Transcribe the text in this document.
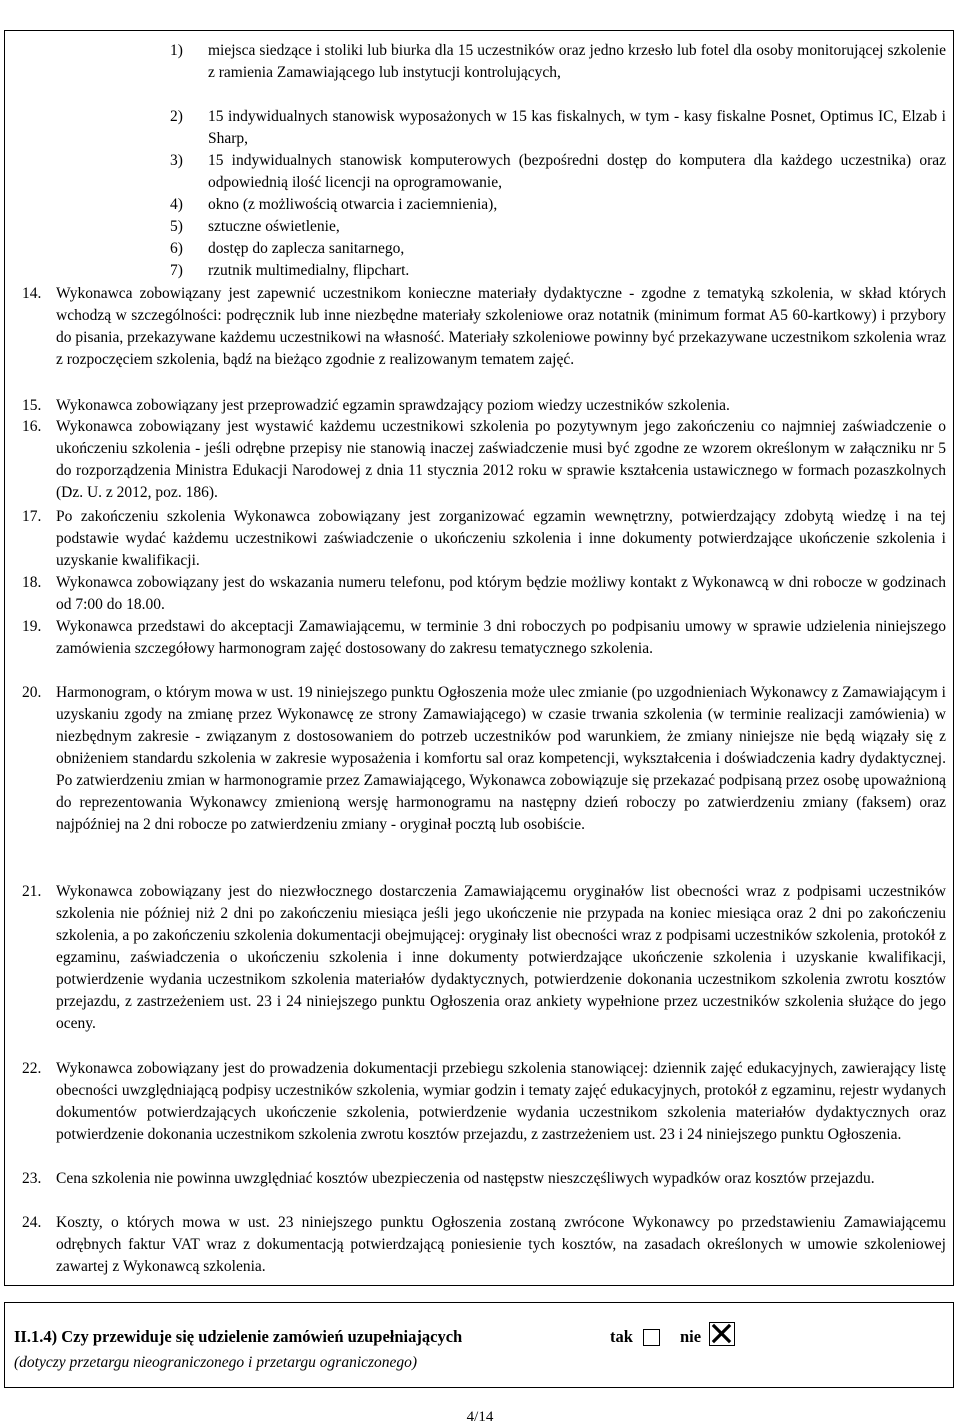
1) miejsca siedzące i stoliki lub biurka dla 15 uczestników oraz jedno krzesło lub fotel dla osoby monitorującej szkolenie z ramienia Zamawiającego lub instytucji kontrolujących,
2) 15 indywidualnych stanowisk wyposażonych w 15 kas fiskalnych, w tym - kasy fiskalne Posnet, Optimus IC, Elzab i Sharp,
3) 15 indywidualnych stanowisk komputerowych (bezpośredni dostęp do komputera dla każdego uczestnika) oraz odpowiednią ilość licencji na oprogramowanie,
4) okno (z możliwością otwarcia i zaciemnienia),
5) sztuczne oświetlenie,
6) dostęp do zaplecza sanitarnego,
7) rzutnik multimedialny, flipchart.
14. Wykonawca zobowiązany jest zapewnić uczestnikom konieczne materiały dydaktyczne - zgodne z tematyką szkolenia, w skład których wchodzą w szczególności: podręcznik lub inne niezbędne materiały szkoleniowe oraz notatnik (minimum format A5 60-kartkowy) i przybory do pisania, przekazywane każdemu uczestnikowi na własność. Materiały szkoleniowe powinny być przekazywane uczestnikom szkolenia wraz z rozpoczęciem szkolenia, bądź na bieżąco zgodnie z realizowanym tematem zajęć.
15. Wykonawca zobowiązany jest przeprowadzić egzamin sprawdzający poziom wiedzy uczestników szkolenia.
16. Wykonawca zobowiązany jest wystawić każdemu uczestnikowi szkolenia po pozytywnym jego zakończeniu co najmniej zaświadczenie o ukończeniu szkolenia - jeśli odrębne przepisy nie stanowią inaczej zaświadczenie musi być zgodne ze wzorem określonym w załączniku nr 5 do rozporządzenia Ministra Edukacji Narodowej z dnia 11 stycznia 2012 roku w sprawie kształcenia ustawicznego w formach pozaszkolnych (Dz. U. z 2012, poz. 186).
17. Po zakończeniu szkolenia Wykonawca zobowiązany jest zorganizować egzamin wewnętrzny, potwierdzający zdobytą wiedzę i na tej podstawie wydać każdemu uczestnikowi zaświadczenie o ukończeniu szkolenia i inne dokumenty potwierdzające ukończenie szkolenia i uzyskanie kwalifikacji.
18. Wykonawca zobowiązany jest do wskazania numeru telefonu, pod którym będzie możliwy kontakt z Wykonawcą w dni robocze w godzinach od 7:00 do 18.00.
19. Wykonawca przedstawi do akceptacji Zamawiającemu, w terminie 3 dni roboczych po podpisaniu umowy w sprawie udzielenia niniejszego zamówienia szczegółowy harmonogram zajęć dostosowany do zakresu tematycznego szkolenia.
20. Harmonogram, o którym mowa w ust. 19 niniejszego punktu Ogłoszenia może ulec zmianie (po uzgodnieniach Wykonawcy z Zamawiającym i uzyskaniu zgody na zmianę przez Wykonawcę ze strony Zamawiającego) w czasie trwania szkolenia (w terminie realizacji zamówienia) w niezbędnym zakresie - związanym z dostosowaniem do potrzeb uczestników pod warunkiem, że zmiany niniejsze nie będą wiązały się z obniżeniem standardu szkolenia w zakresie wyposażenia i komfortu sal oraz kompetencji, wykształcenia i doświadczenia kadry dydaktycznej. Po zatwierdzeniu zmian w harmonogramie przez Zamawiającego, Wykonawca zobowiązuje się przekazać podpisaną przez osobę upoważnioną do reprezentowania Wykonawcy zmienioną wersję harmonogramu na następny dzień roboczy po zatwierdzeniu zmiany (faksem) oraz najpóźniej na 2 dni robocze po zatwierdzeniu zmiany - oryginał pocztą lub osobiście.
21. Wykonawca zobowiązany jest do niezwłocznego dostarczenia Zamawiającemu oryginałów list obecności wraz z podpisami uczestników szkolenia nie później niż 2 dni po zakończeniu miesiąca jeśli jego ukończenie nie przypada na koniec miesiąca oraz 2 dni po zakończeniu szkolenia, a po zakończeniu szkolenia dokumentacji obejmującej: oryginały list obecności wraz z podpisami uczestników szkolenia, protokół z egzaminu, zaświadczenia o ukończeniu szkolenia i inne dokumenty potwierdzające ukończenie szkolenia i uzyskanie kwalifikacji, potwierdzenie wydania uczestnikom szkolenia materiałów dydaktycznych, potwierdzenie dokonania uczestnikom szkolenia zwrotu kosztów przejazdu, z zastrzeżeniem ust. 23 i 24 niniejszego punktu Ogłoszenia oraz ankiety wypełnione przez uczestników szkolenia służące do jego oceny.
22. Wykonawca zobowiązany jest do prowadzenia dokumentacji przebiegu szkolenia stanowiącej: dziennik zajęć edukacyjnych, zawierający listę obecności uwzględniającą podpisy uczestników szkolenia, wymiar godzin i tematy zajęć edukacyjnych, protokół z egzaminu, rejestr wydanych dokumentów potwierdzających ukończenie szkolenia, potwierdzenie wydania uczestnikom szkolenia materiałów dydaktycznych oraz potwierdzenie dokonania uczestnikom szkolenia zwrotu kosztów przejazdu, z zastrzeżeniem ust. 23 i 24 niniejszego punktu Ogłoszenia.
23. Cena szkolenia nie powinna uwzględniać kosztów ubezpieczenia od następstw nieszczęśliwych wypadków oraz kosztów przejazdu.
24. Koszty, o których mowa w ust. 23 niniejszego punktu Ogłoszenia zostaną zwrócone Wykonawcy po przedstawieniu Zamawiającemu odrębnych faktur VAT wraz z dokumentacją potwierdzającą poniesienie tych kosztów, na zasadach określonych w umowie szkoleniowej zawartej z Wykonawcą szkolenia.
II.1.4) Czy przewiduje się udzielenie zamówień uzupełniających	tak	nie
(dotyczy przetargu nieograniczonego i przetargu ograniczonego)
4/14
